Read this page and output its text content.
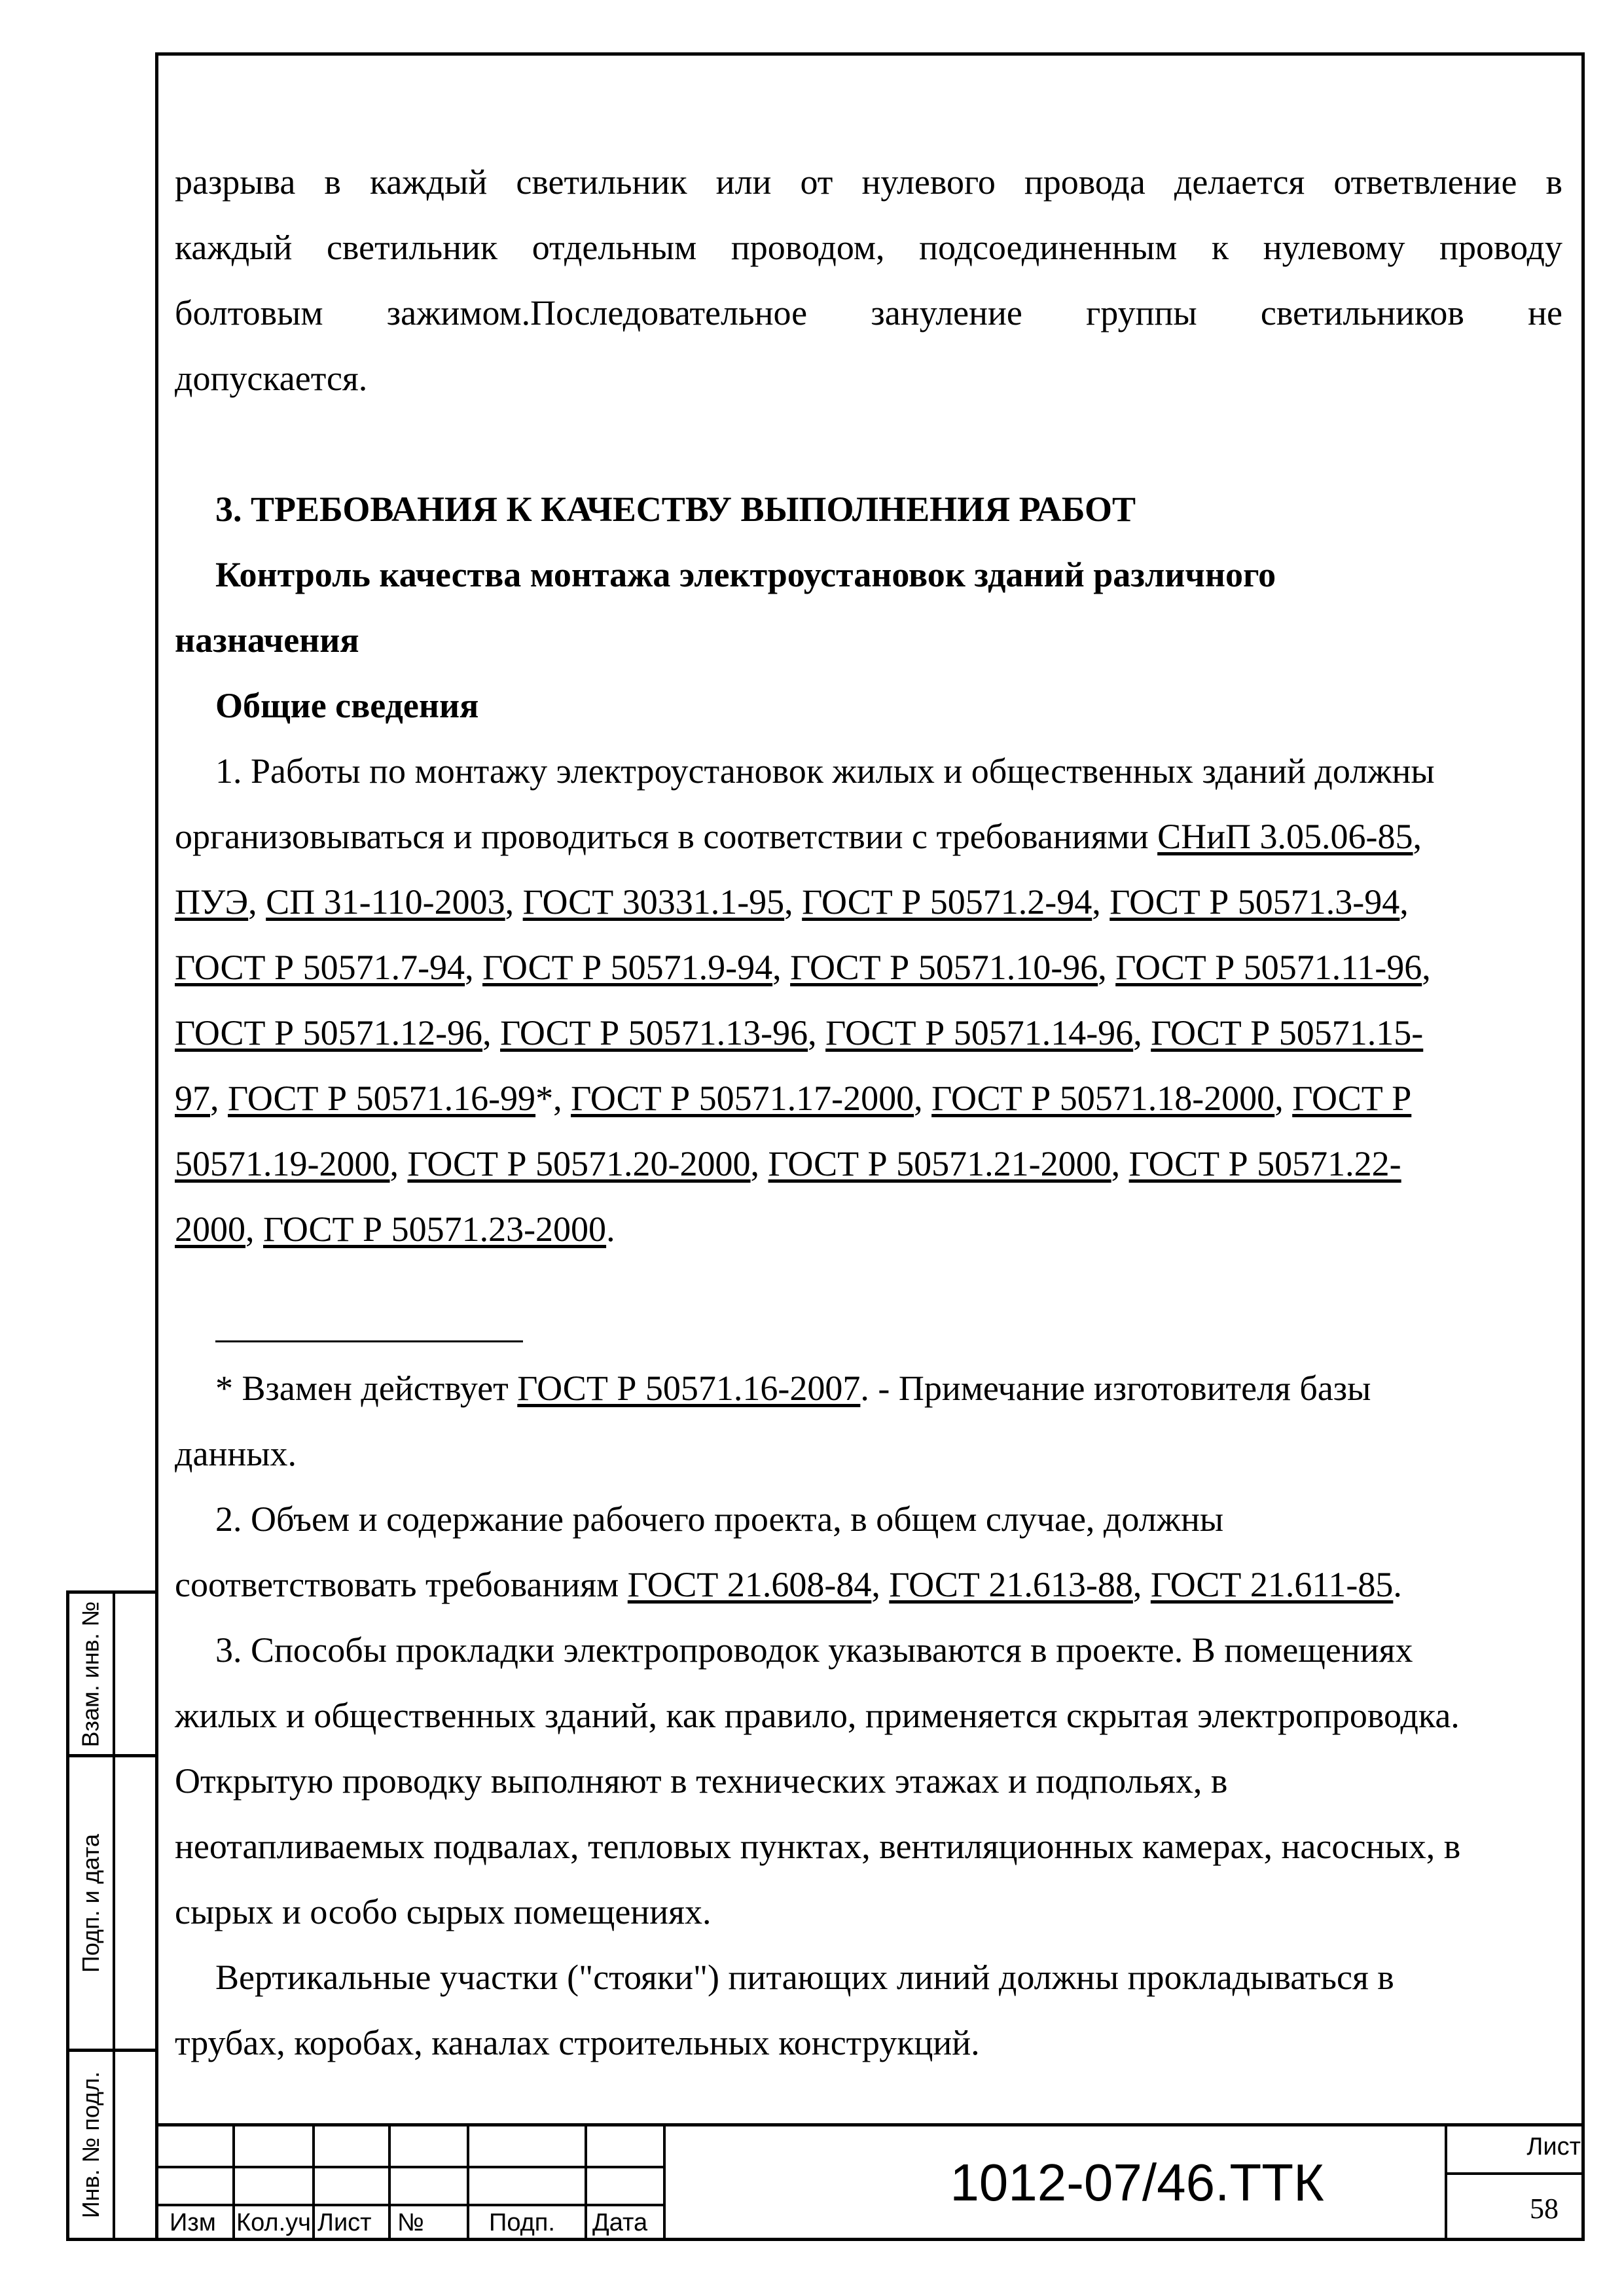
Взам. инв. №
Подп. и дата
Инв. № подл.

разрыва в каждый светильник или от нулевого провода делается ответвление в

каждый светильник отдельным проводом, подсоединенным к нулевому проводу

болтовым зажимом.Последовательное зануление группы светильников не

допускается.

3. ТРЕБОВАНИЯ К КАЧЕСТВУ ВЫПОЛНЕНИЯ РАБОТ
Контроль качества монтажа электроустановок зданий различного
назначения
Общие сведения

1. Работы по монтажу электроустановок жилых и общественных зданий должны

организовываться и проводиться в соответствии с требованиями СНиП 3.05.06-85,

ПУЭ, СП 31-110-2003, ГОСТ 30331.1-95, ГОСТ Р 50571.2-94, ГОСТ Р 50571.3-94,

ГОСТ Р 50571.7-94, ГОСТ Р 50571.9-94, ГОСТ Р 50571.10-96, ГОСТ Р 50571.11-96,

ГОСТ Р 50571.12-96, ГОСТ Р 50571.13-96, ГОСТ Р 50571.14-96, ГОСТ Р 50571.15-

97, ГОСТ Р 50571.16-99*, ГОСТ Р 50571.17-2000, ГОСТ Р 50571.18-2000, ГОСТ Р

50571.19-2000, ГОСТ Р 50571.20-2000, ГОСТ Р 50571.21-2000, ГОСТ Р 50571.22-

2000, ГОСТ Р 50571.23-2000.

* Взамен действует ГОСТ Р 50571.16-2007. - Примечание изготовителя базы

данных.

2. Объем и содержание рабочего проекта, в общем случае, должны

соответствовать требованиям ГОСТ 21.608-84, ГОСТ 21.613-88, ГОСТ 21.611-85.

3. Способы прокладки электропроводок указываются в проекте. В помещениях

жилых и общественных зданий, как правило, применяется скрытая электропроводка.

Открытую проводку выполняют в технических этажах и подпольях, в

неотапливаемых подвалах, тепловых пунктах, вентиляционных камерах, насосных, в

сырых и особо сырых помещениях.

Вертикальные участки ("стояки") питающих линий должны прокладываться в

трубах, коробах, каналах строительных конструкций.

Изм Кол.уч Лист №	Подп. Дата
1012-07/46.ТТК
Лист
58
